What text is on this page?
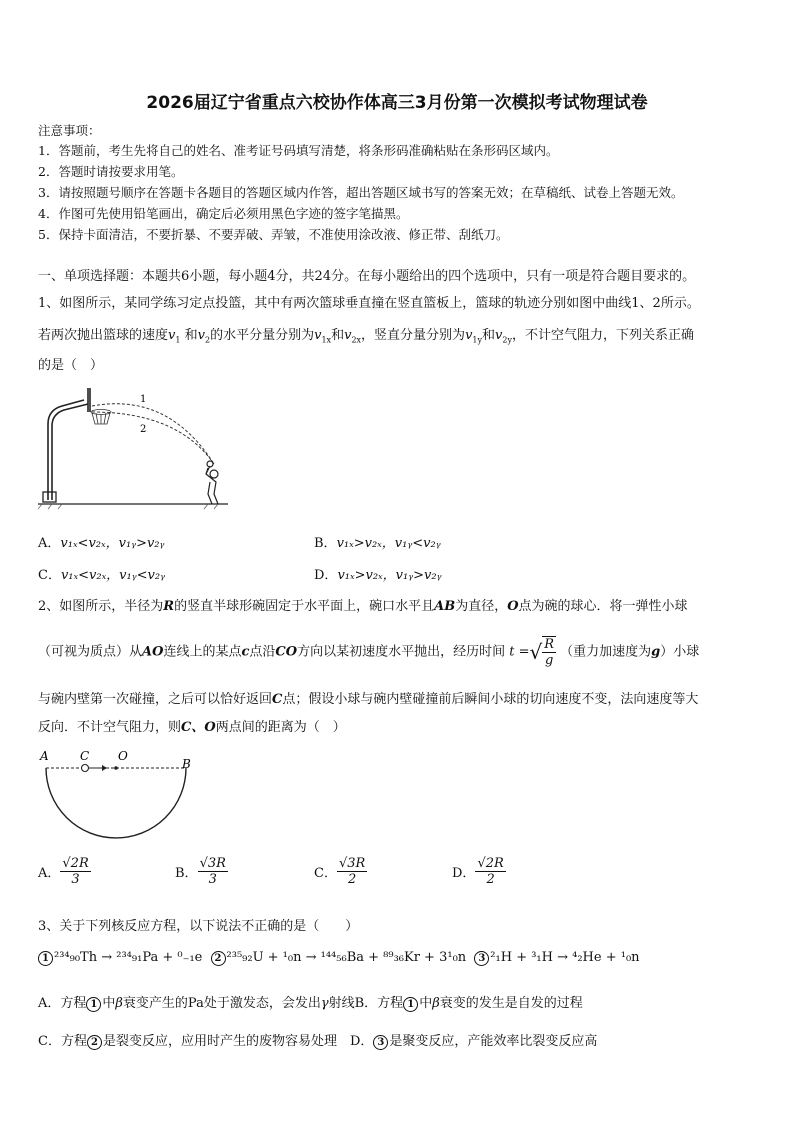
2026届辽宁省重点六校协作体高三3月份第一次模拟考试物理试卷
注意事项：
1．答题前，考生先将自己的姓名、准考证号码填写清楚，将条形码准确粘贴在条形码区域内。
2．答题时请按要求用笔。
3．请按照题号顺序在答题卡各题目的答题区域内作答，超出答题区域书写的答案无效；在草稿纸、试卷上答题无效。
4．作图可先使用铅笔画出，确定后必须用黑色字迹的签字笔描黑。
5．保持卡面清洁，不要折暴、不要弄破、弄皱，不准使用涂改液、修正带、刮纸刀。
一、单项选择题：本题共6小题，每小题4分，共24分。在每小题给出的四个选项中，只有一项是符合题目要求的。
1、如图所示，某同学练习定点投篮，其中有两次篮球垂直撞在竖直篮板上，篮球的轨迹分别如图中曲线1、2所示。
若两次抛出篮球的速度$v_1$ 和$v_2$的水平分量分别为$v_{1x}$和$v_{2x}$，竖直分量分别为$v_{1y}$和$v_{2y}$，不计空气阻力，下列关系正确
的是（　）
1
2
A．v₁ₓ<v₂ₓ，v₁ᵧ>v₂ᵧ	B．v₁ₓ>v₂ₓ，v₁ᵧ<v₂ᵧ
C．v₁ₓ<v₂ₓ，v₁ᵧ<v₂ᵧ	D．v₁ₓ>v₂ₓ，v₁ᵧ>v₂ᵧ
2、如图所示，半径为R的竖直半球形碗固定于水平面上，碗口水平且AB为直径，O点为碗的球心．将一弹性小球
（可视为质点）从AO连线上的某点c点沿CO方向以某初速度水平抛出，经历时间 t =√ $\frac{R}{g}$ （重力加速度为g）小球
与碗内壁第一次碰撞，之后可以恰好返回C点；假设小球与碗内壁碰撞前后瞬间小球的切向速度不变，法向速度等大
反向．不计空气阻力，则C、O两点间的距离为（　）
A	C O
B
A． $\frac{√2R}{3}$	B． $\frac{√3R}{3}$	C． $\frac{√3R}{2}$	D． $\frac{√2R}{2}$
3、关于下列核反应方程，以下说法不正确的是（　　）
1 ²³⁴₉₀Th → ²³⁴₉₁Pa + ⁰₋₁e 2 ²³⁵₉₂U + ¹₀n → ¹⁴⁴₅₆Ba + ⁸⁹₃₆Kr + 3¹₀n 3 ²₁H + ³₁H → ⁴₂He + ¹₀n
A．方程 1 中β衰变产生的Pa处于激发态，会发出γ射线B．方程 1 中β衰变的发生是自发的过程
C．方程 2 是裂变反应，应用时产生的废物容易处理　D． 3 是聚变反应，产能效率比裂变反应高
